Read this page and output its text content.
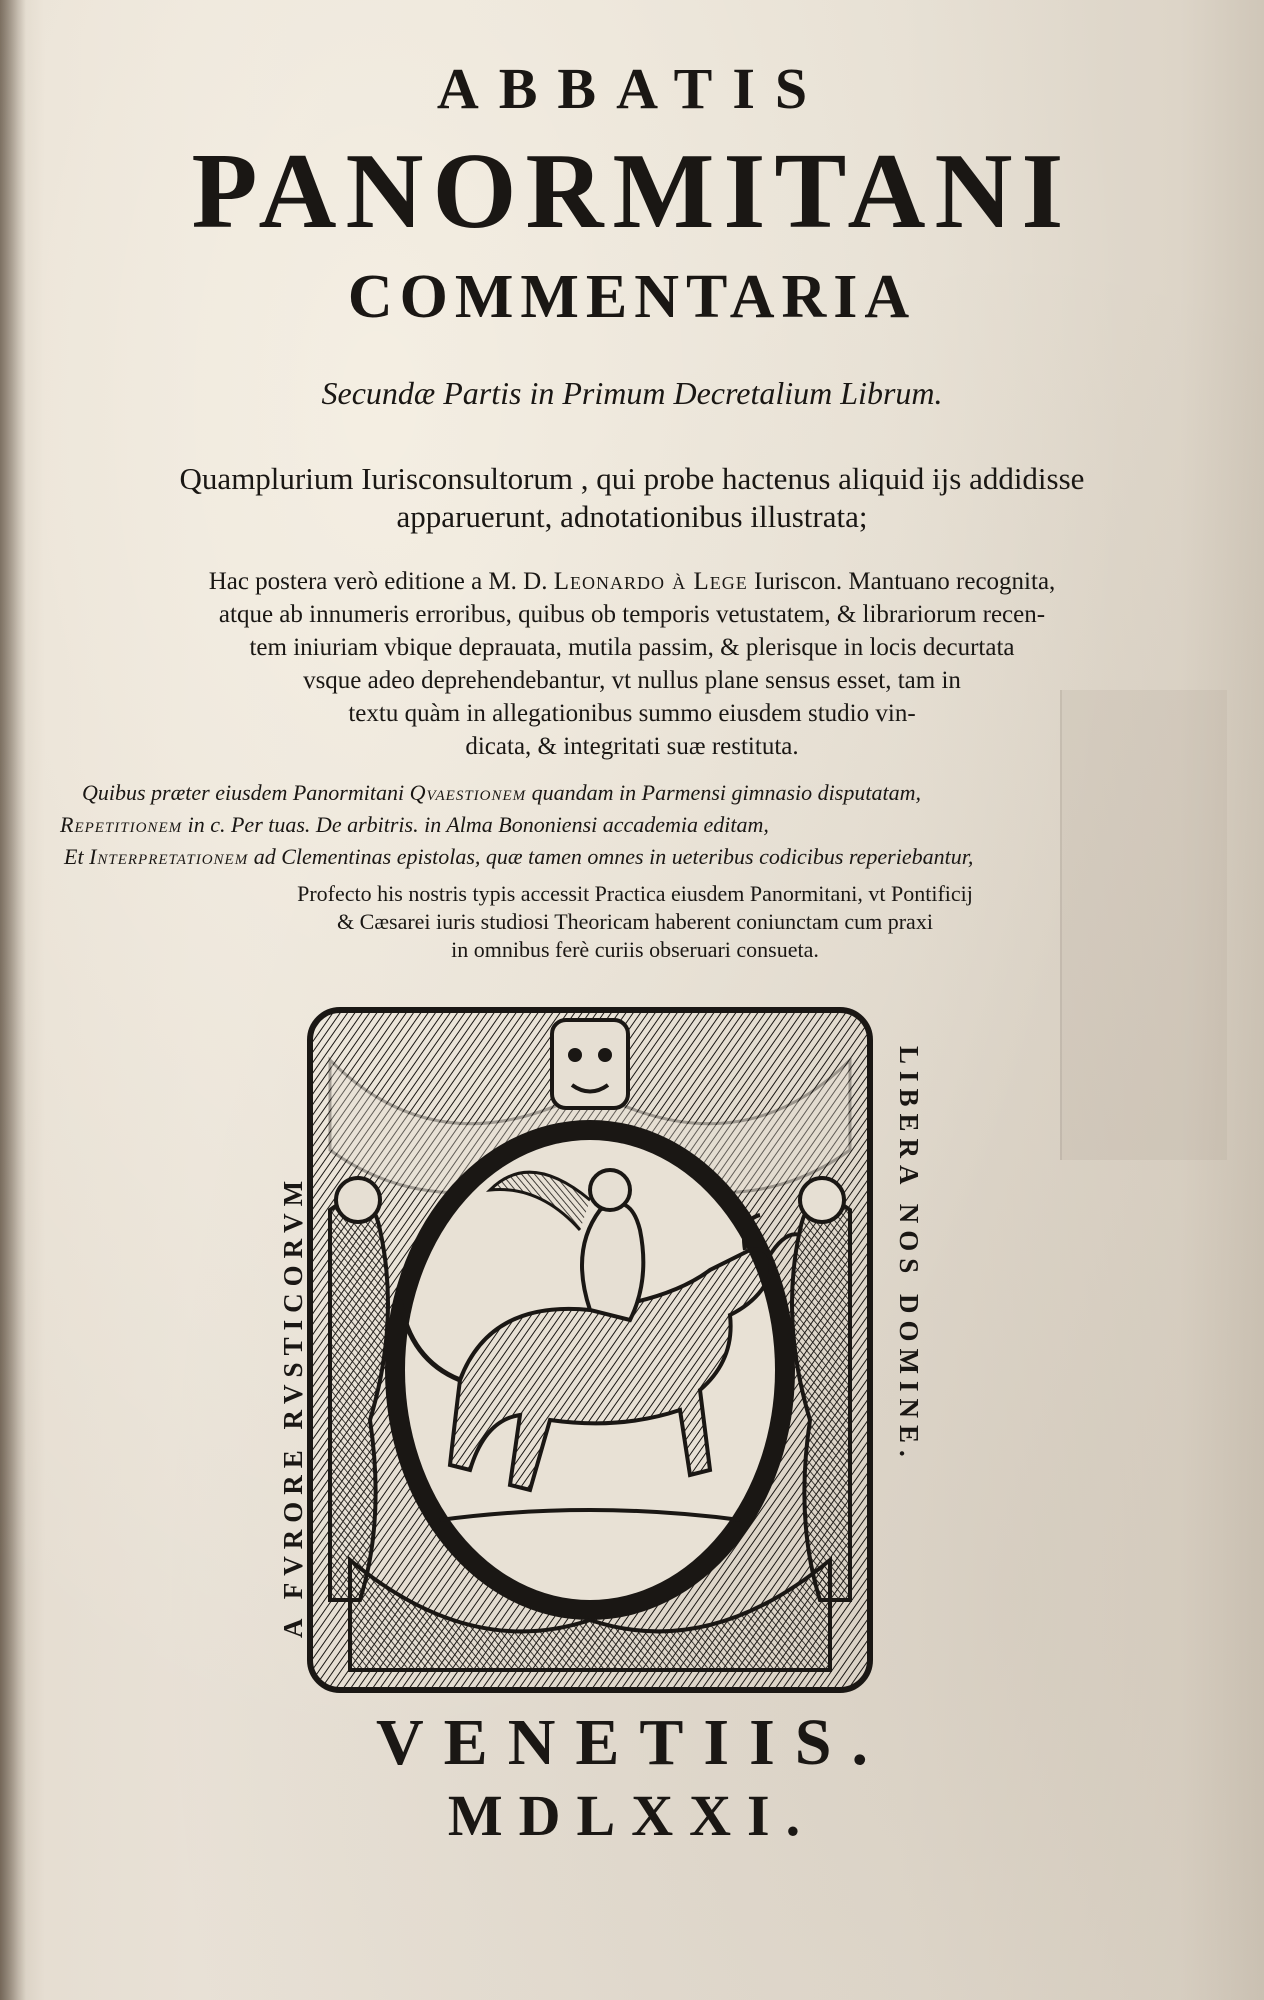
ABBATIS
PANORMITANI
COMMENTARIA
Secundæ Partis in Primum Decretalium Librum.
Quamplurium Iurisconsultorum , qui probe hactenus aliquid ijs addidisse
apparuerunt, adnotationibus illustrata;
Hac postera verò editione a M. D. Leonardo à Lege Iuriscon. Mantuano recognita,
atque ab innumeris erroribus, quibus ob temporis vetustatem, & librariorum recen-
tem iniuriam vbique deprauata, mutila passim, & plerisque in locis decurtata
vsque adeo deprehendebantur, vt nullus plane sensus esset, tam in
textu quàm in allegationibus summo eiusdem studio vin-
dicata, & integritati suæ restituta.
Quibus præter eiusdem Panormitani Qvaestionem quandam in Parmensi gimnasio disputatam,
Repetitionem in c. Per tuas. De arbitris. in Alma Bononiensi accademia editam,
Et Interpretationem ad Clementinas epistolas, quæ tamen omnes in ueteribus codicibus reperiebantur,
Profecto his nostris typis accessit Practica eiusdem Panormitani, vt Pontificij
& Cæsarei iuris studiosi Theoricam haberent coniunctam cum praxi
in omnibus ferè curiis obseruari consueta.
A FVRORE RVSTICORVM	LIBERA NOS DOMINE.
VENETIIS.
MDLXXI.
